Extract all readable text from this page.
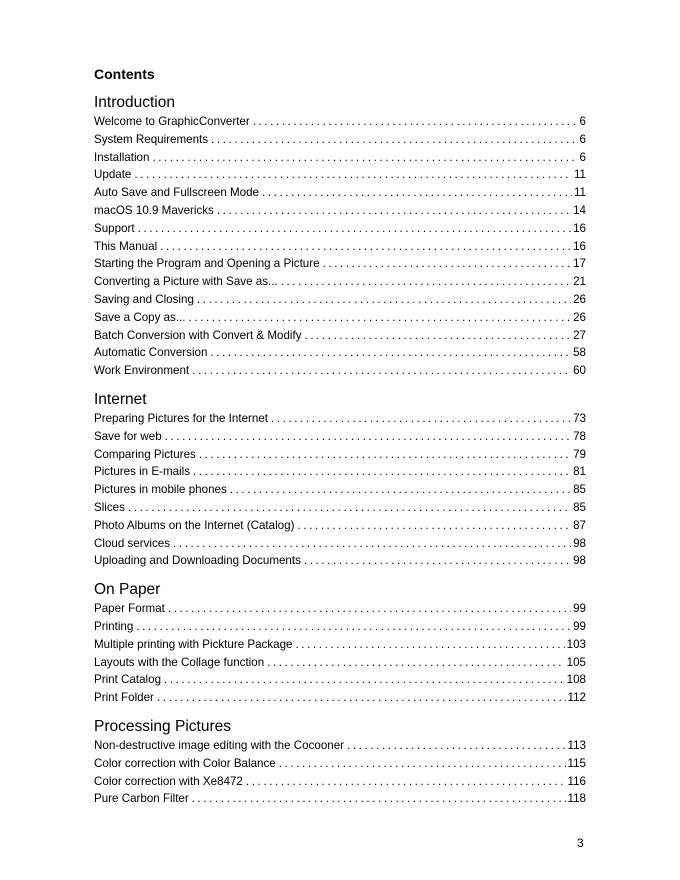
Contents
Introduction
Welcome to GraphicConverter .....	6
System Requirements .....	6
Installation .....	6
Update .....	11
Auto Save and Fullscreen Mode .....	11
macOS 10.9 Mavericks .....	14
Support .....	16
This Manual .....	16
Starting the Program and Opening a Picture .....	17
Converting a Picture with Save as... .....	21
Saving and Closing .....	26
Save a Copy as... .....	26
Batch Conversion with Convert & Modify .....	27
Automatic Conversion .....	58
Work Environment .....	60
Internet
Preparing Pictures for the Internet .....	73
Save for web .....	78
Comparing Pictures .....	79
Pictures in E-mails .....	81
Pictures in mobile phones .....	85
Slices .....	85
Photo Albums on the Internet (Catalog) .....	87
Cloud services .....	98
Uploading and Downloading Documents .....	98
On Paper
Paper Format .....	99
Printing .....	99
Multiple printing with Pickture Package .....	103
Layouts with the Collage function .....	105
Print Catalog .....	108
Print Folder .....	112
Processing Pictures
Non-destructive image editing with the Cocooner .....	113
Color correction with Color Balance .....	115
Color correction with Xe8472 .....	116
Pure Carbon Filter .....	118
3
